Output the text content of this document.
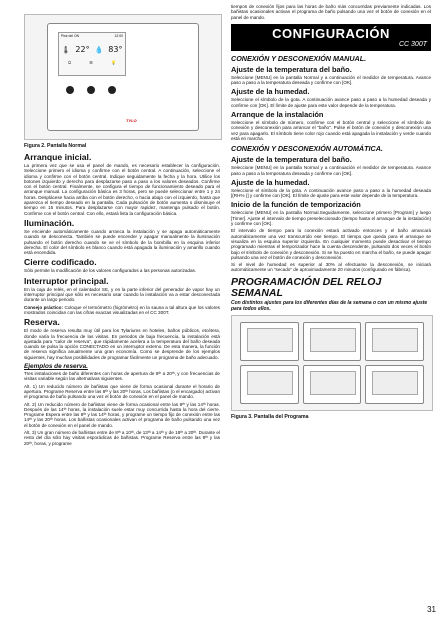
Pise del ON	12:00
🌡 22° 💧 83°
⏻	☰	💡
TYLO
Figura 2. Pantalla Normal
Arranque inicial.

La primera vez que se usa el panel de mando, es necesario establecer la configuración. Seleccione primero el idioma y confirme con el botón central. A continuación, seleccione el idioma y confirme con el botón central. Indique seguidamente la fecha y la hora. Utilice los botones izquierdo y derecho para desplazarse paso a paso a los valores deseados. Confirme con el botón central. Finalmente, se configura el tiempo de funcionamiento deseado para el arranque manual. La configuración básica es 3 horas, pero se puede seleccionar entre 1 y 24 horas. Desplácese hacia arriba con el botón derecho, o hacia abajo con el izquierdo, hasta que aparezca el tiempo deseado en la pantalla. Cada pulsación de botón aumenta o disminuye el tiempo en 15 minutos. Para desplazarse con mayor rapidez, mantenga pulsado el botón. Confirme con el botón central. Con ello, estará lista la configuración básica.

Iluminación.

Se enciende automáticamente cuando arranca la instalación y se apaga automáticamente cuando se desconecta. También se puede encender y apagar manualmente la iluminación pulsando el botón derecho cuando se ve el símbolo de la bombilla en la esquina inferior derecha. El color del símbolo es blanco cuando está apagada la iluminación y amarillo cuando está encendida.

Cierre codificado.

Sólo permite la modificación de los valores configurados a las personas autorizadas.

Interruptor principal.

En la caja de relés, en el calentador SE, y en la parte inferior del generador de vapor hay un interruptor principal que sólo es necesario usar cuando la instalación va a estar desconectada durante un largo periodo.

Consejo práctico: Coloque el termómetro (higrómetro) en la sauna a tal altura que los valores mostrados coincidan con las cifras exactas visualizadas en el CC 300T.

Reserva.

El modo de reserva resulta muy útil para los Tylariums en hoteles, baños públicos, etcétera, donde varía la frecuencia de las visitas. En periodos de baja frecuencia, la instalación está ajustada para "calor de reserva", que rápidamente acelera a la temperatura del baño deseada cuando se pulsa la opción CONECTADO en un interruptor externo. De esta manera, la función de reserva significa anualmente una gran economía. Como se desprende de los ejemplos siguientes, hay muchas posibilidades de programar fácilmente un programa de baño adecuado.

Ejemplos de reserva.

Tres instalaciones de baño diferentes con horas de apertura de 8ᵗʰ a 20ᵗʰ, y con frecuencias de visitas variable según las alternativas siguientes.

Alt. 1) Un reducido número de bañistas que viene de forma ocasional durante el horario de apertura. Programe Reserva entre las 8ᵗʰ y las 20ᵗʰ horas. Los bañistas (o el encargado) activan el programa de baño pulsando una vez el botón de conexión en el panel de mando.

Alt. 2) Un reducido número de bañistas viene de forma ocasional entre las 8ᵗʰ y las 14ᵗʰ horas. Después de las 14ᵗʰ horas, la instalación suele estar muy concurrida hasta la hora del cierre. Programe Espera entre las 8ᵗʰ y las 14ᵗʰ horas, y programe un tiempo fijo de conexión entre las 14ᵗʰ y las 20ᵗʰ horas. Los bañistas ocasionales activan el programa de baño pulsando una vez el botón de conexión en el panel de mando.

Alt. 3) Un gran número de bañistas entre de 8ᵗʰ a 10ᵗʰ, de 13ᵗʰ a 14ᵗʰ y de 18ᵗʰ a 20ᵗʰ. Durante el resto del día sólo hay visitas esporádicas de bañistas. Programe Reserva entre las 8ᵗʰ y las 20ᵗʰ, horas, y programe

tiempos de conexión fijos para las horas de baño más concurridas previamente indicadas. Los bañistas ocasionales activan el programa de baño pulsando una vez el botón de conexión en el panel de mando.

CONFIGURACIÓN
CC 300T
CONEXIÓN Y DESCONEXIÓN MANUAL.
Ajuste de la temperatura del baño.

Seleccione [MENU] en la pantalla Normal y a continuación el medidor de temperatura. Avance paso a paso a la temperatura deseada y confirme con [OK].

Ajuste de la humedad.

Seleccione el símbolo de la gota. A continuación avance paso a paso a la humedad deseada y confirme con [OK]. El límite de ajuste para este valor depende de la temperatura.

Arranque de la instalación

Seleccione el símbolo de número, confirme con el botón central y seleccione el símbolo de conexión y desconexión para arrancar el "baño". Pulse el botón de conexión y desconexión una vez para apagarlo. El símbolo tiene color rojo cuando está apagada la instalación y verde cuando está en marcha.

CONEXIÓN Y DESCONEXIÓN AUTOMÁTICA.
Ajuste de la temperatura del baño.

Seleccione [MENU] en la pantalla Normal y a continuación el medidor de temperatura. Avance paso a paso a la temperatura deseada y confirme con [OK].

Ajuste de la humedad.

Seleccione el símbolo de la gota. A continuación avance paso a paso a la humedad deseada [(RH% )] y confirme con [OK]. El límite de ajuste para este valor depende de la temperatura.

Inicio de la función de temporización

Seleccione [MENU] en la pantalla Normal.Seguidamente, seleccione primero [Program] y luego [Timer]. Ajuste el intervalo de tiempo preseleccionado (tiempo hasta el arranque de la instalación) y confirme con [OK].

El intervalo de tiempo para la conexión estará activado entonces y el baño arrancará automáticamente una vez transcurrido ese tiempo. El tiempo que queda para el arranque se visualiza en la esquina superior izquierda. En cualquier momento puede desactivar el tiempo programado mientras el temporizador hace la cuenta descendente, pulsando dos veces el botón bajo el símbolo de conexión y desconexión. Si se ha puesto en marcha el baño, se puede apagar pulsando una vez el botón de conexión y desconexión.

Si el nivel de humedad es superior al 30% al efectuarse la desconexión, se iniciará automáticamente un "secado" de aproximadamente 20 minutos (configurado en fábrica).

PROGRAMACIÓN DEL RELOJ SEMANAL
Con distintos ajustes para los diferentes días de la semana o con un mismo ajuste para todos ellos.
Figura 3. Pantalla del Programa
31
